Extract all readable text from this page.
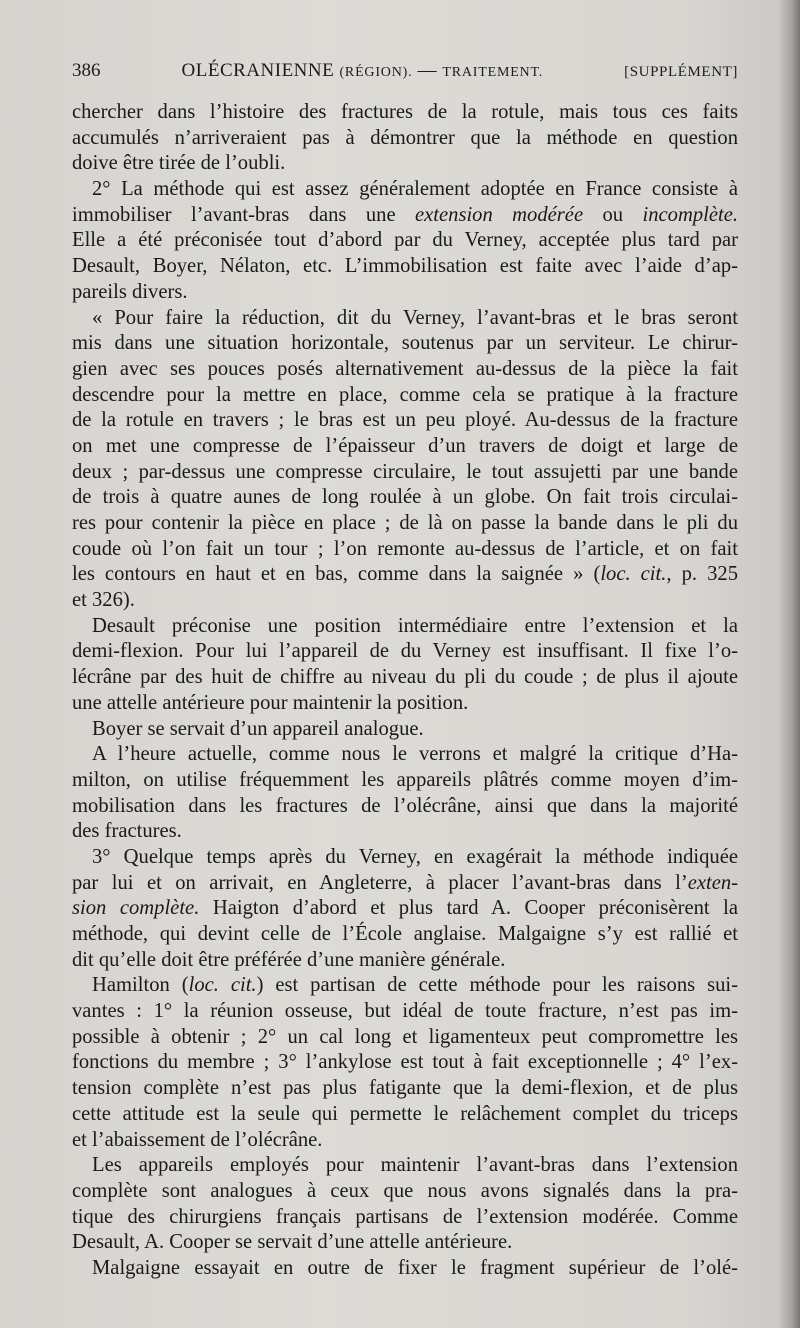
386	OLÉCRANIENNE (RÉGION). — TRAITEMENT.	[SUPPLÉMENT]
chercher dans l’histoire des fractures de la rotule, mais tous ces faits
accumulés n’arriveraient pas à démontrer que la méthode en question
doive être tirée de l’oubli.
2° La méthode qui est assez généralement adoptée en France consiste à
immobiliser l’avant-bras dans une extension modérée ou incomplète.
Elle a été préconisée tout d’abord par du Verney, acceptée plus tard par
Desault, Boyer, Nélaton, etc. L’immobilisation est faite avec l’aide d’ap-
pareils divers.
« Pour faire la réduction, dit du Verney, l’avant-bras et le bras seront
mis dans une situation horizontale, soutenus par un serviteur. Le chirur-
gien avec ses pouces posés alternativement au-dessus de la pièce la fait
descendre pour la mettre en place, comme cela se pratique à la fracture
de la rotule en travers ; le bras est un peu ployé. Au-dessus de la fracture
on met une compresse de l’épaisseur d’un travers de doigt et large de
deux ; par-dessus une compresse circulaire, le tout assujetti par une bande
de trois à quatre aunes de long roulée à un globe. On fait trois circulai-
res pour contenir la pièce en place ; de là on passe la bande dans le pli du
coude où l’on fait un tour ; l’on remonte au-dessus de l’article, et on fait
les contours en haut et en bas, comme dans la saignée » (loc. cit., p. 325
et 326).
Desault préconise une position intermédiaire entre l’extension et la
demi-flexion. Pour lui l’appareil de du Verney est insuffisant. Il fixe l’o-
lécrâne par des huit de chiffre au niveau du pli du coude ; de plus il ajoute
une attelle antérieure pour maintenir la position.
Boyer se servait d’un appareil analogue.
A l’heure actuelle, comme nous le verrons et malgré la critique d’Ha-
milton, on utilise fréquemment les appareils plâtrés comme moyen d’im-
mobilisation dans les fractures de l’olécrâne, ainsi que dans la majorité
des fractures.
3° Quelque temps après du Verney, en exagérait la méthode indiquée
par lui et on arrivait, en Angleterre, à placer l’avant-bras dans l’exten-
sion complète. Haigton d’abord et plus tard A. Cooper préconisèrent la
méthode, qui devint celle de l’École anglaise. Malgaigne s’y est rallié et
dit qu’elle doit être préférée d’une manière générale.
Hamilton (loc. cit.) est partisan de cette méthode pour les raisons sui-
vantes : 1° la réunion osseuse, but idéal de toute fracture, n’est pas im-
possible à obtenir ; 2° un cal long et ligamenteux peut compromettre les
fonctions du membre ; 3° l’ankylose est tout à fait exceptionnelle ; 4° l’ex-
tension complète n’est pas plus fatigante que la demi-flexion, et de plus
cette attitude est la seule qui permette le relâchement complet du triceps
et l’abaissement de l’olécrâne.
Les appareils employés pour maintenir l’avant-bras dans l’extension
complète sont analogues à ceux que nous avons signalés dans la pra-
tique des chirurgiens français partisans de l’extension modérée. Comme
Desault, A. Cooper se servait d’une attelle antérieure.
Malgaigne essayait en outre de fixer le fragment supérieur de l’olé-
